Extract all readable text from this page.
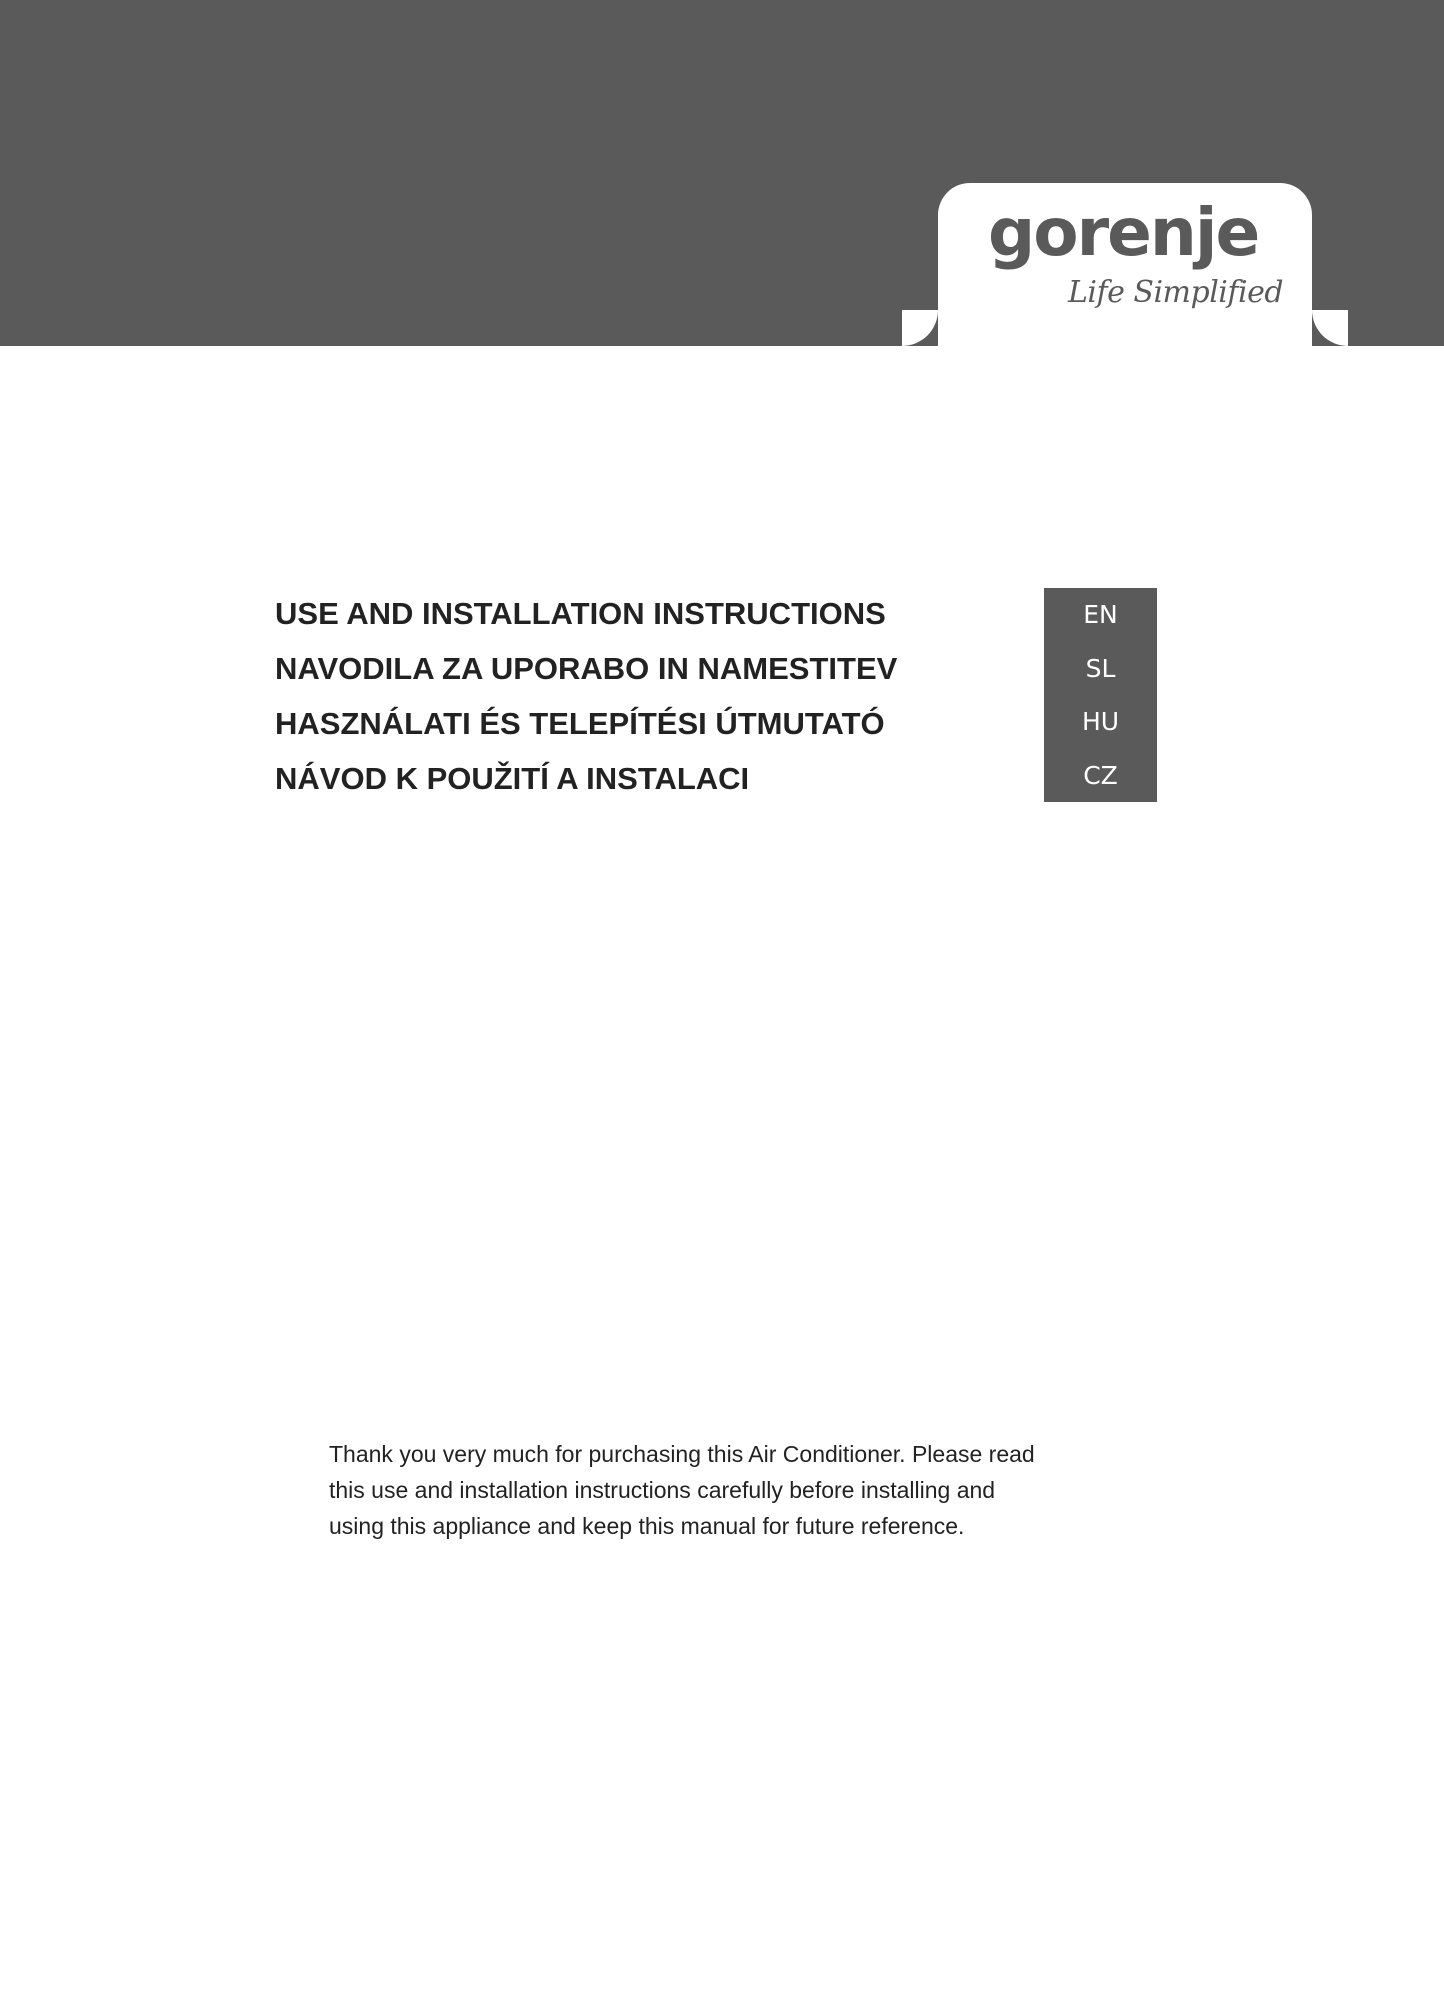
gorenje
Life Simplified
USE AND INSTALLATION INSTRUCTIONS
NAVODILA ZA UPORABO IN NAMESTITEV
HASZNÁLATI ÉS TELEPÍTÉSI ÚTMUTATÓ
NÁVOD K POUŽITÍ A INSTALACI
EN
SL
HU
CZ

Thank you very much for purchasing this Air Conditioner. Please read
this use and installation instructions carefully before installing and
using this appliance and keep this manual for future reference.
